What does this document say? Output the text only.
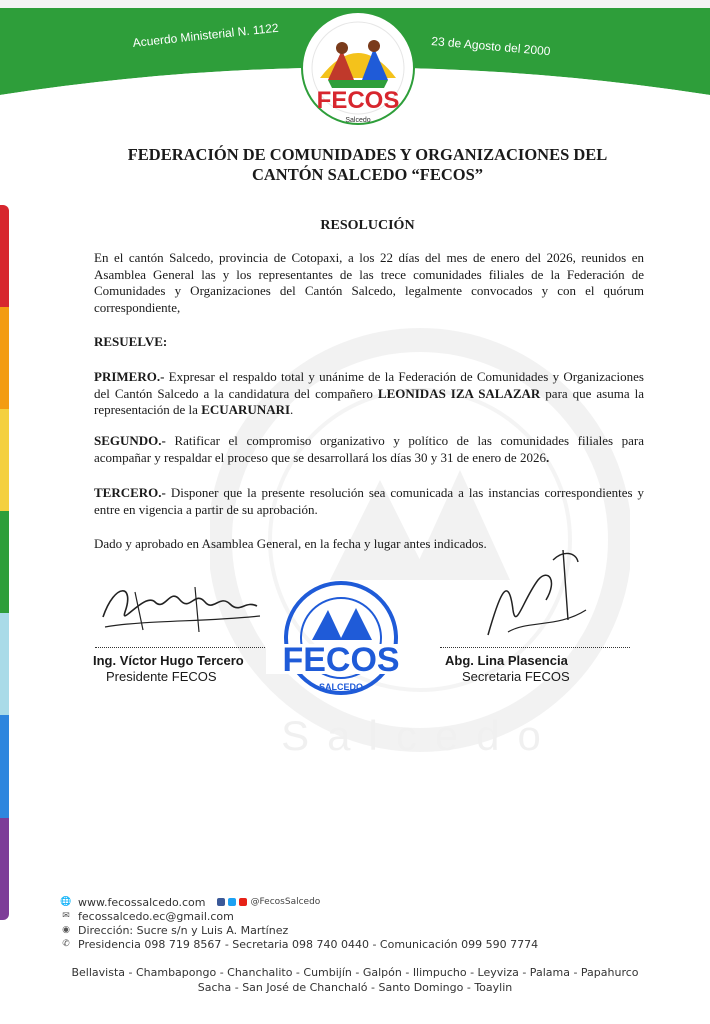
Acuerdo Ministerial N. 1122	23 de Agosto del 2000
FECOS
Salcedo
Salcedo
FEDERACIÓN DE COMUNIDADES Y ORGANIZACIONES DEL
CANTÓN SALCEDO “FECOS”
RESOLUCIÓN
En el cantón Salcedo, provincia de Cotopaxi, a los 22 días del mes de enero del 2026, reunidos en Asamblea General las y los representantes de las trece comunidades filiales de la Federación de Comunidades y Organizaciones del Cantón Salcedo, legalmente convocados y con el quórum correspondiente,
RESUELVE:
PRIMERO.- Expresar el respaldo total y unánime de la Federación de Comunidades y Organizaciones del Cantón Salcedo a la candidatura del compañero LEONIDAS IZA SALAZAR para que asuma la representación de la ECUARUNARI.
SEGUNDO.- Ratificar el compromiso organizativo y político de las comunidades filiales para acompañar y respaldar el proceso que se desarrollará los días 30 y 31 de enero de 2026.
TERCERO.- Disponer que la presente resolución sea comunicada a las instancias correspondientes y entre en vigencia a partir de su aprobación.
Dado y aprobado en Asamblea General, en la fecha y lugar antes indicados.
Ing. Víctor Hugo Tercero
Presidente FECOS FECOS
SALCEDO
Abg. Lina Plasencia
Secretaria FECOS
🌐 www.fecossalcedo.com	@FecosSalcedo
✉ fecossalcedo.ec@gmail.com
◉ Dirección: Sucre s/n y Luis A. Martínez
✆ Presidencia 098 719 8567 - Secretaria 098 740 0440 - Comunicación 099 590 7774
Bellavista - Chambapongo - Chanchalito - Cumbijín - Galpón - Ilimpucho - Leyviza - Palama - Papahurco
Sacha - San José de Chanchaló - Santo Domingo - Toaylin
